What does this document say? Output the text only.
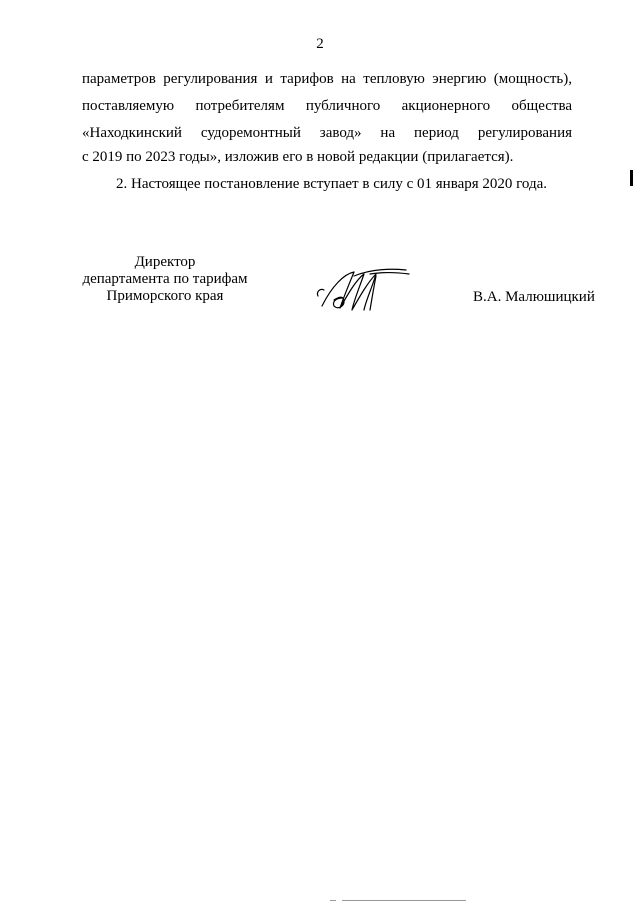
2
параметров регулирования и тарифов на тепловую энергию (мощность),
поставляемую потребителям публичного акционерного общества
«Находкинский судоремонтный завод» на период регулирования
с 2019 по 2023 годы», изложив его в новой редакции (прилагается).
2. Настоящее постановление вступает в силу с 01 января 2020 года.
Директор
департамента по тарифам
Приморского края	В.А. Малюшицкий
